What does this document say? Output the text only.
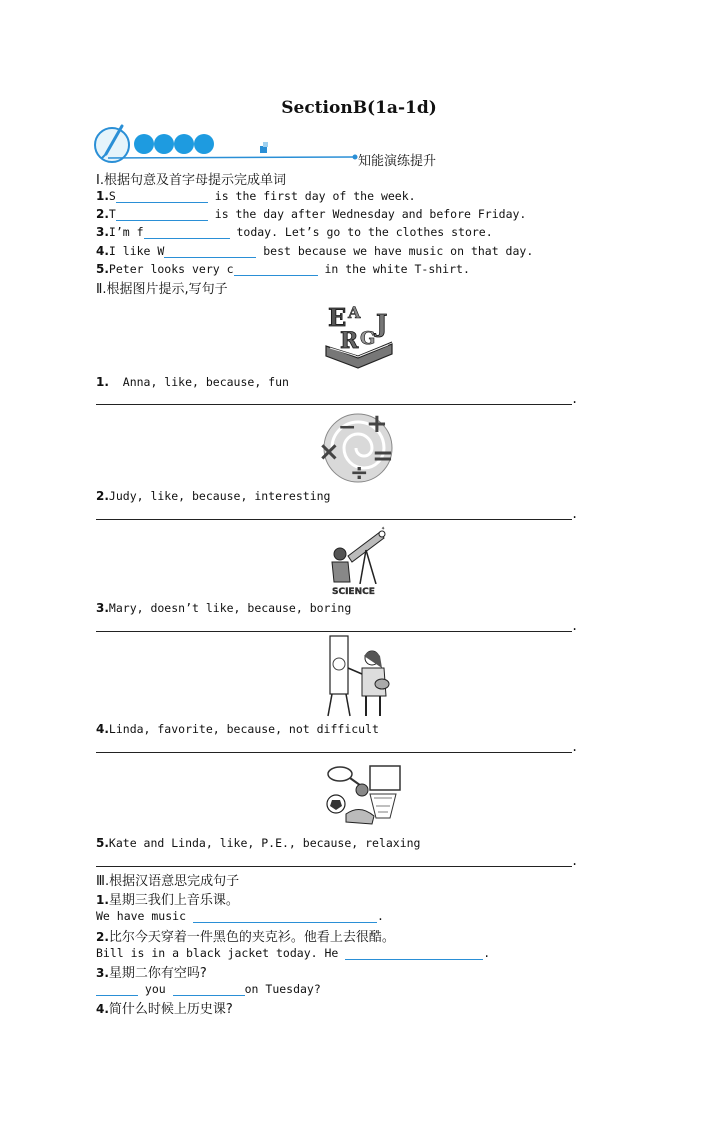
SectionB(1a-1d)
知能演练提升
Ⅰ.根据句意及首字母提示完成单词
1.S	is the first day of the week.
2.T	is the day after Wednesday and before Friday.
3.I’m f	today. Let’s go to the clothes store.
4.I like W	best because we have music on that day.
5.Peter looks very c	in the white T-shirt.
Ⅱ.根据图片提示,写句子
E A
R G
J
1.  Anna, like, because, fun
.
×
− +
=
÷
2.Judy, like, because, interesting
.
✦
SCIENCE
3.Mary, doesn’t like, because, boring
.
4.Linda, favorite, because, not difficult
.
5.Kate and Linda, like, P.E., because, relaxing
.
Ⅲ.根据汉语意思完成句子
1.星期三我们上音乐课。
We have music	.
2.比尔今天穿着一件黑色的夹克衫。他看上去很酷。
Bill is in a black jacket today. He	.
3.星期二你有空吗?
you	on Tuesday?
4.简什么时候上历史课?
